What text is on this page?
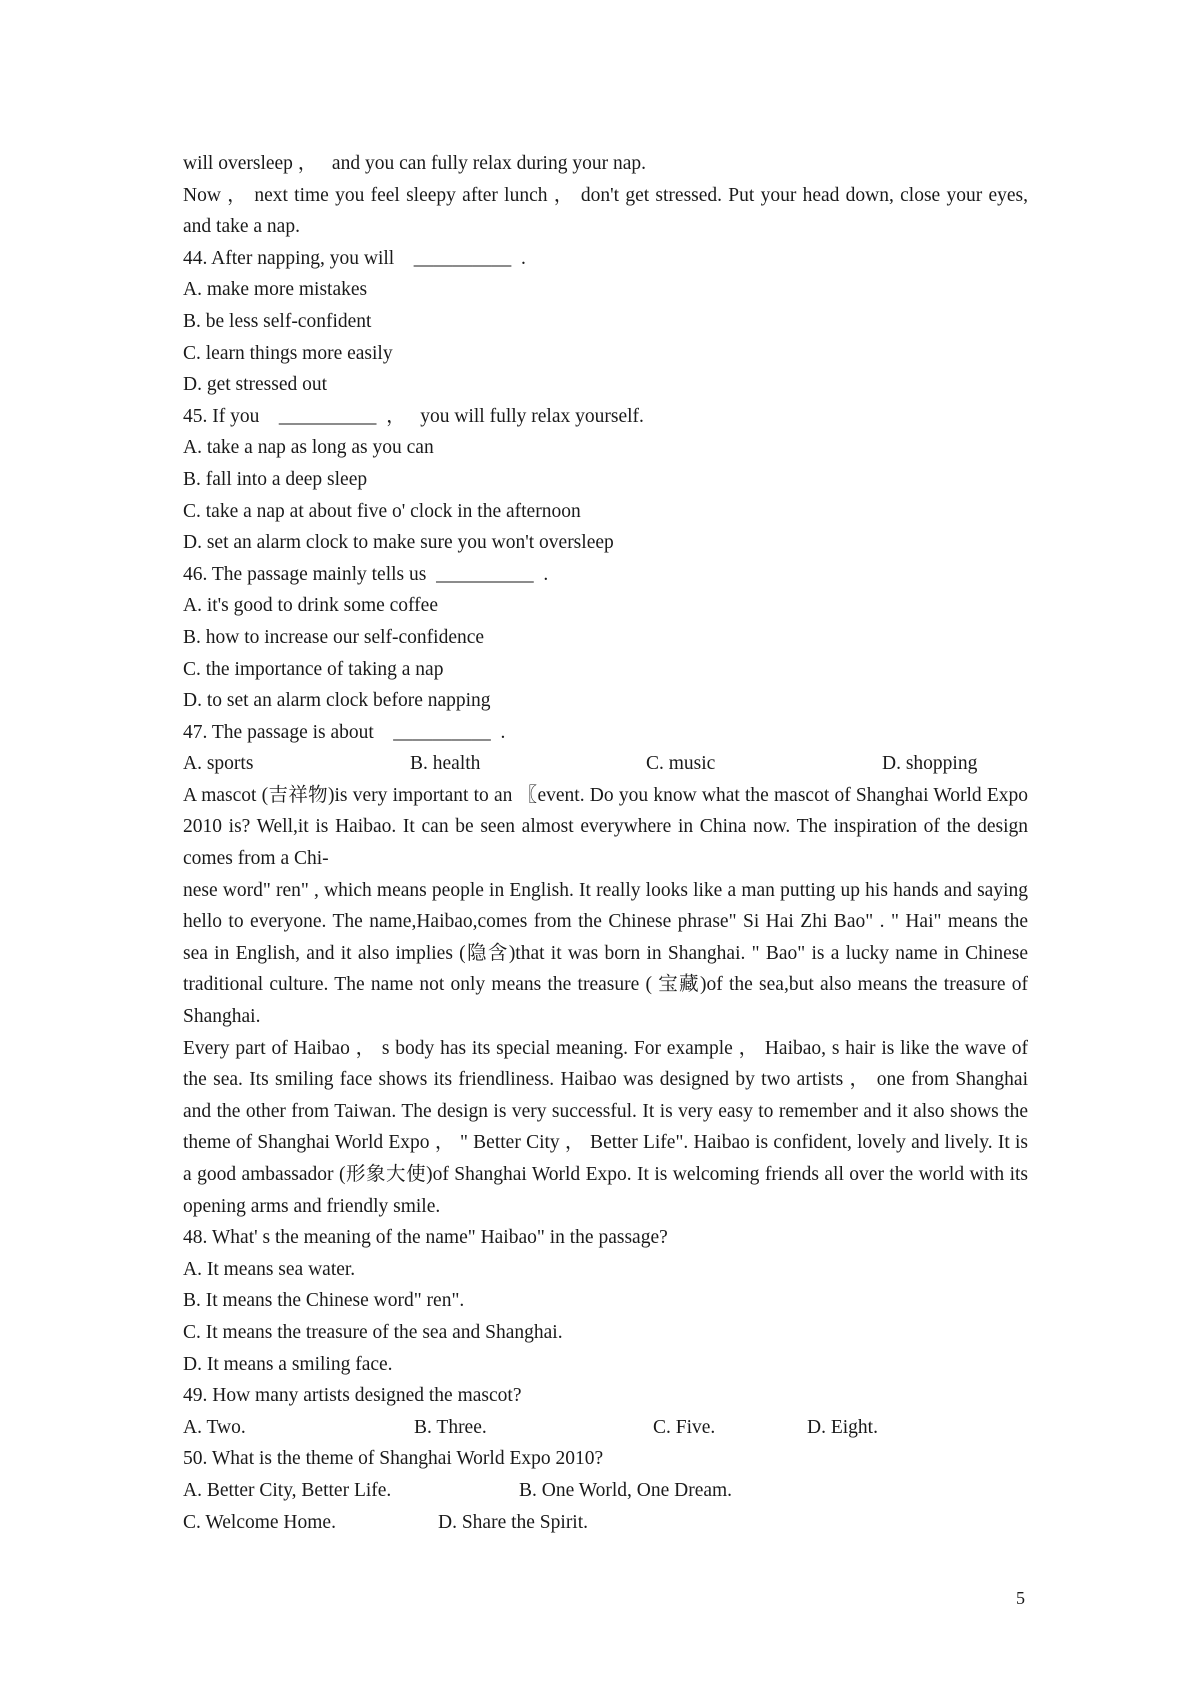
will oversleep ，   and you can fully relax during your nap.

Now ， next time you feel sleepy after lunch ， don't get stressed. Put your head down, close your eyes, and take a nap.

44. After napping, you will    __________  .
A. make more mistakes
B. be less self-confident
C. learn things more easily
D. get stressed out
45. If you    __________  ，   you will fully relax yourself.
A. take a nap as long as you can
B. fall into a deep sleep
C. take a nap at about five o' clock in the afternoon
D. set an alarm clock to make sure you won't oversleep
46. The passage mainly tells us  __________  .
A. it's good to drink some coffee
B. how to increase our self-confidence
C. the importance of taking a nap
D. to set an alarm clock before napping
47. The passage is about    __________  .
A. sports	B. health	C. music	D. shopping

A mascot (吉祥物)is very important to an 〖event. Do you know what the mascot of Shanghai World Expo 2010 is? Well,it is Haibao. It can be seen almost everywhere in China now. The inspiration of the design comes from a Chi-

nese word" ren" , which means people in English. It really looks like a man putting up his hands and saying hello to everyone. The name,Haibao,comes from the Chinese phrase" Si Hai Zhi Bao" . " Hai" means the sea in English, and it also implies (隐含)that it was born in Shanghai. " Bao" is a lucky name in Chinese traditional culture. The name not only means the treasure ( 宝藏)of the sea,but also means the treasure of Shanghai.

Every part of Haibao ， s body has its special meaning. For example ， Haibao, s hair is like the wave of the sea. Its smiling face shows its friendliness. Haibao was designed by two artists ， one from Shanghai and the other from Taiwan. The design is very successful. It is very easy to remember and it also shows the theme of Shanghai World Expo ， " Better City ， Better Life". Haibao is confident, lovely and lively. It is a good ambassador (形象大使)of Shanghai World Expo. It is welcoming friends all over the world with its opening arms and friendly smile.

48. What' s the meaning of the name" Haibao" in the passage?
A. It means sea water.
B. It means the Chinese word" ren".
C. It means the treasure of the sea and Shanghai.
D. It means a smiling face.
49. How many artists designed the mascot?
A. Two.	B. Three.	C. Five.	D. Eight.
50. What is the theme of Shanghai World Expo 2010?
A. Better City, Better Life.	B. One World, One Dream.
C. Welcome Home.	D. Share the Spirit.
5
